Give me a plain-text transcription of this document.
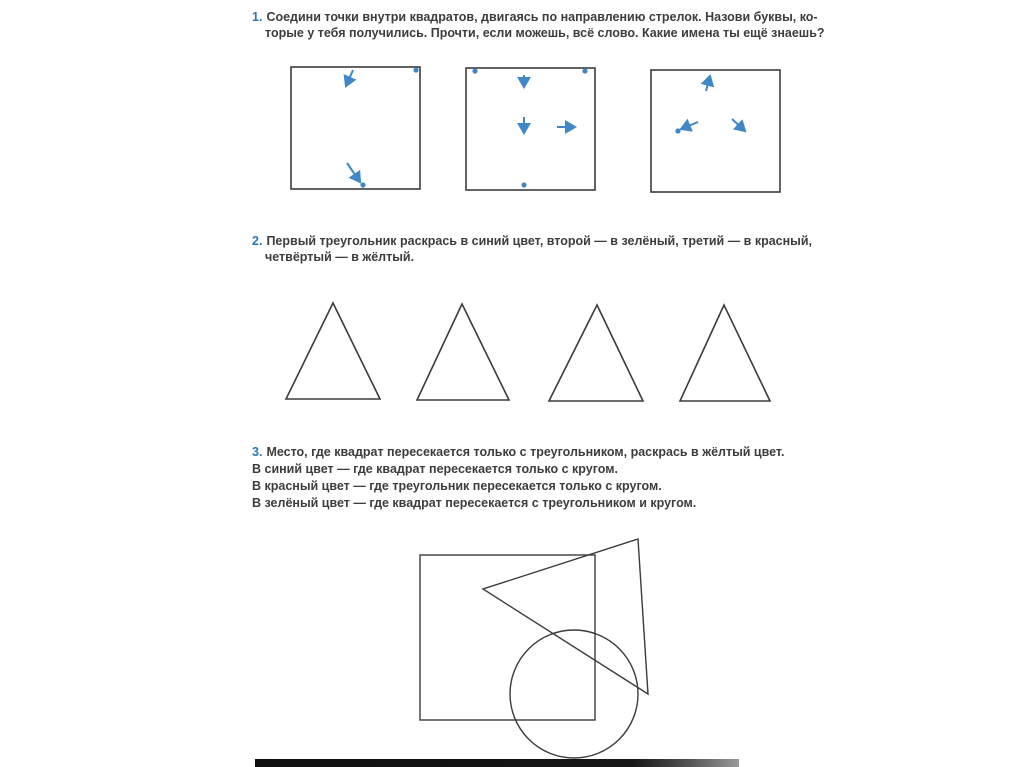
1. Соедини точки внутри квадратов, двигаясь по направлению стрелок. Назови буквы, ко-
торые у тебя получились. Прочти, если можешь, всё слово. Какие имена ты ещё знаешь?
2. Первый треугольник раскрась в синий цвет, второй — в зелёный, третий — в красный,
четвёртый — в жёлтый.
3. Место, где квадрат пересекается только с треугольником, раскрась в жёлтый цвет.
В синий цвет — где квадрат пересекается только с кругом.
В красный цвет — где треугольник пересекается только с кругом.
В зелёный цвет — где квадрат пересекается с треугольником и кругом.
